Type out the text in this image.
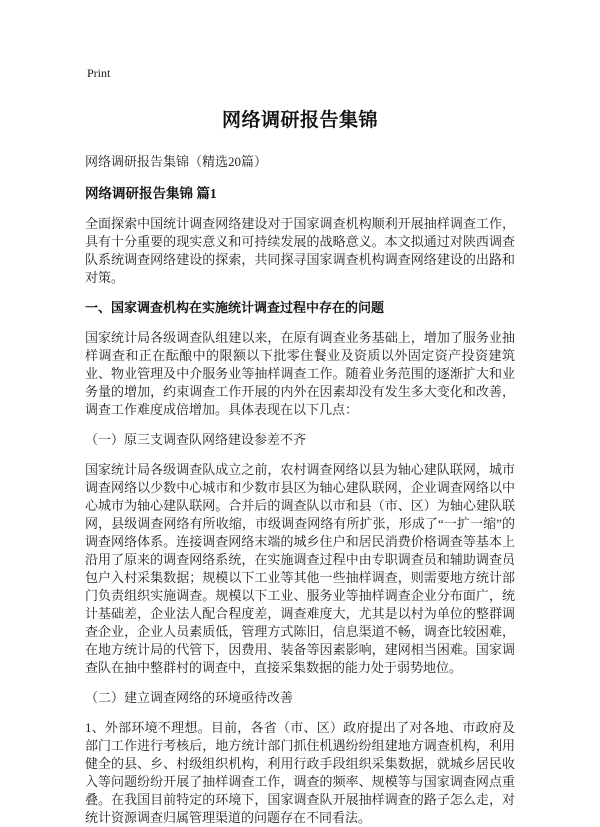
Print
网络调研报告集锦

网络调研报告集锦（精选20篇）

网络调研报告集锦 篇1

全面探索中国统计调查网络建设对于国家调查机构顺利开展抽样调查工作，具有十分重要的现实意义和可持续发展的战略意义。本文拟通过对陕西调查队系统调查网络建设的探索，共同探寻国家调查机构调查网络建设的出路和对策。

一、国家调查机构在实施统计调查过程中存在的问题

国家统计局各级调查队组建以来，在原有调查业务基础上，增加了服务业抽样调查和正在酝酿中的限额以下批零住餐业及资质以外固定资产投资建筑业、物业管理及中介服务业等抽样调查工作。随着业务范围的逐渐扩大和业务量的增加，约束调查工作开展的内外在因素却没有发生多大变化和改善，调查工作难度成倍增加。具体表现在以下几点：

（一）原三支调查队网络建设参差不齐

国家统计局各级调查队成立之前，农村调查网络以县为轴心建队联网，城市调查网络以少数中心城市和少数市县区为轴心建队联网，企业调查网络以中心城市为轴心建队联网。合并后的调查队以市和县（市、区）为轴心建队联网，县级调查网络有所收缩，市级调查网络有所扩张，形成了“一扩一缩”的调查网络体系。连接调查网络末端的城乡住户和居民消费价格调查等基本上沿用了原来的调查网络系统，在实施调查过程中由专职调查员和辅助调查员包户入村采集数据；规模以下工业等其他一些抽样调查，则需要地方统计部门负责组织实施调查。规模以下工业、服务业等抽样调查企业分布面广，统计基础差，企业法人配合程度差，调查难度大，尤其是以村为单位的整群调查企业，企业人员素质低，管理方式陈旧，信息渠道不畅，调查比较困难，在地方统计局的代管下，因费用、装备等因素影响，建网相当困难。国家调查队在抽中整群村的调查中，直接采集数据的能力处于弱势地位。

（二）建立调查网络的环境亟待改善

1、外部环境不理想。目前，各省（市、区）政府提出了对各地、市政府及部门工作进行考核后，地方统计部门抓住机遇纷纷组建地方调查机构，利用健全的县、乡、村级组织机构，利用行政手段组织采集数据，就城乡居民收入等问题纷纷开展了抽样调查工作，调查的频率、规模等与国家调查网点重叠。在我国目前特定的环境下，国家调查队开展抽样调查的路子怎么走，对统计资源调查归属管理渠道的问题存在不同看法。
